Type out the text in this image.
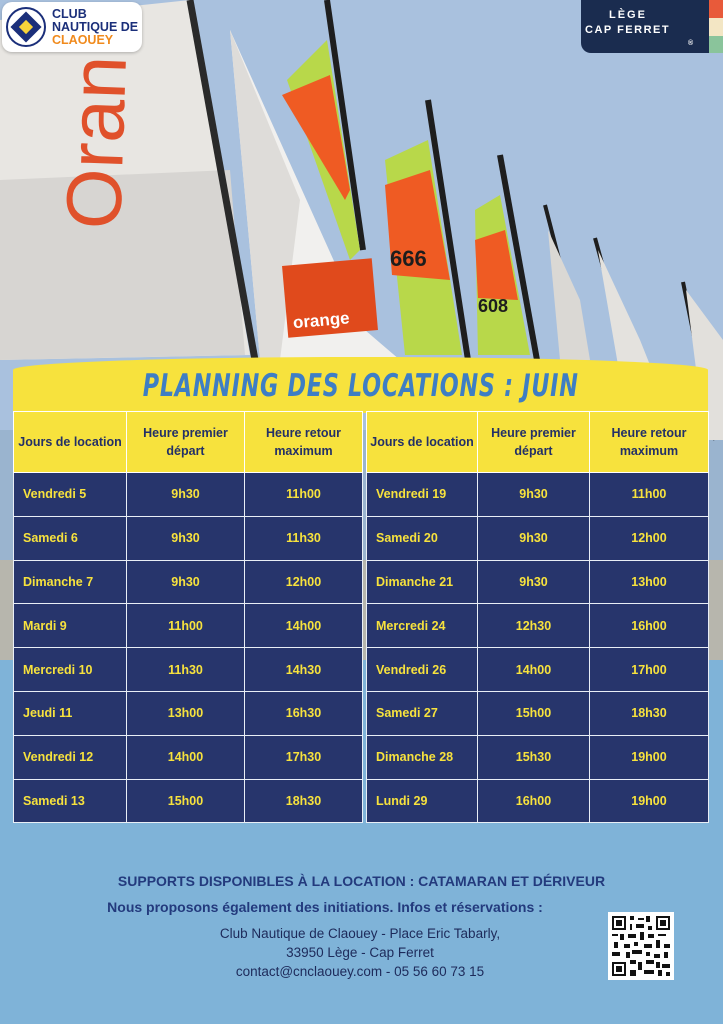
Oran
orange
666
608
CLUB
NAUTIQUE DE
CLAOUEY
LÈGE
CAP FERRET
®
PLANNING DES LOCATIONS : JUIN
Jours de location	Heure premier départ	Heure retour maximum
Vendredi 5	9h30	11h00
Samedi 6	9h30	11h30
Dimanche 7	9h30	12h00
Mardi 9	11h00	14h00
Mercredi 10	11h30	14h30
Jeudi 11	13h00	16h30
Vendredi 12	14h00	17h30
Samedi 13	15h00	18h30
Jours de location	Heure premier départ	Heure retour maximum
Vendredi 19	9h30	11h00
Samedi 20	9h30	12h00
Dimanche 21	9h30	13h00
Mercredi 24	12h30	16h00
Vendredi 26	14h00	17h00
Samedi 27	15h00	18h30
Dimanche 28	15h30	19h00
Lundi 29	16h00	19h00
SUPPORTS DISPONIBLES À LA LOCATION : CATAMARAN ET DÉRIVEUR
Nous proposons également des initiations. Infos et réservations :
Club Nautique de Claouey - Place Eric Tabarly,
33950 Lège - Cap Ferret
contact@cnclaouey.com - 05 56 60 73 15
